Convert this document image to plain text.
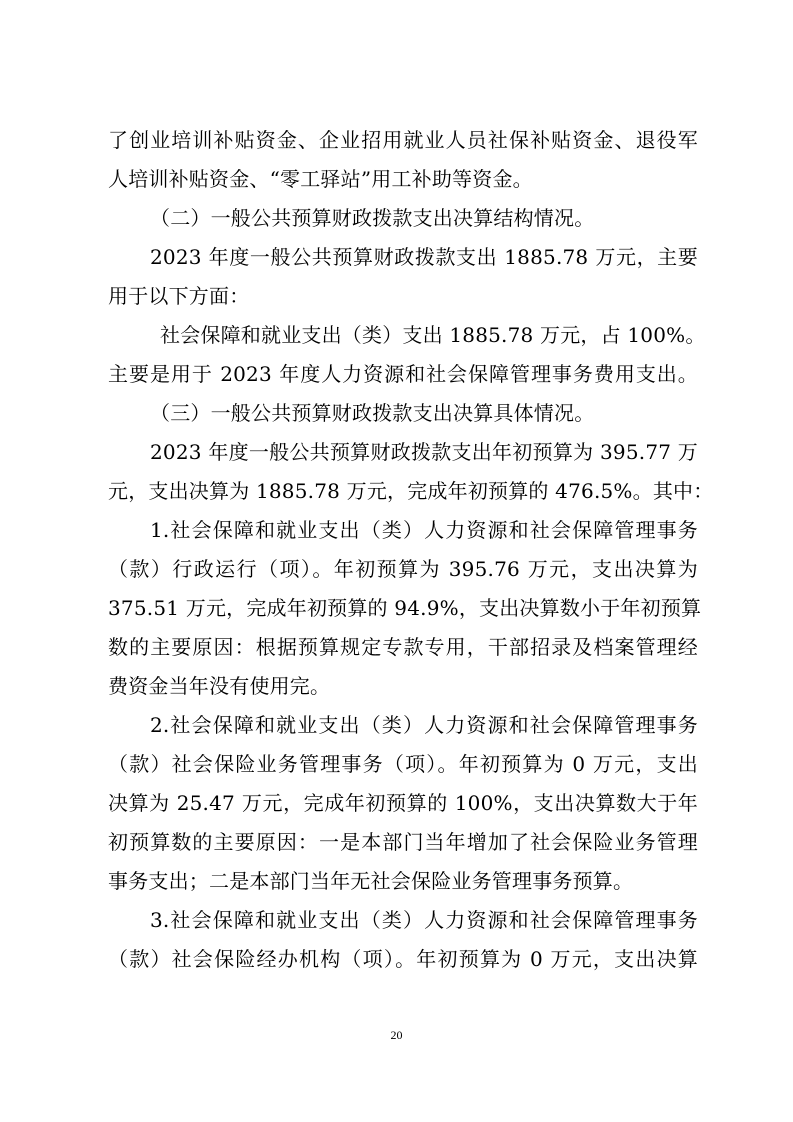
了创业培训补贴资金、企业招用就业人员社保补贴资金、退役军
人培训补贴资金、“零工驿站”用工补助等资金。
（二）一般公共预算财政拨款支出决算结构情况。
2023 年度一般公共预算财政拨款支出 1885.78 万元，主要
用于以下方面：
社会保障和就业支出（类）支出 1885.78 万元，占 100%。
主要是用于 2023 年度人力资源和社会保障管理事务费用支出。
（三）一般公共预算财政拨款支出决算具体情况。
2023 年度一般公共预算财政拨款支出年初预算为 395.77 万
元，支出决算为 1885.78 万元，完成年初预算的 476.5%。其中：
1.社会保障和就业支出（类）人力资源和社会保障管理事务
（款）行政运行（项）。年初预算为 395.76 万元，支出决算为
375.51 万元，完成年初预算的 94.9%，支出决算数小于年初预算
数的主要原因：根据预算规定专款专用，干部招录及档案管理经
费资金当年没有使用完。
2.社会保障和就业支出（类）人力资源和社会保障管理事务
（款）社会保险业务管理事务（项）。年初预算为 0 万元，支出
决算为 25.47 万元，完成年初预算的 100%，支出决算数大于年
初预算数的主要原因：一是本部门当年增加了社会保险业务管理
事务支出；二是本部门当年无社会保险业务管理事务预算。
3.社会保障和就业支出（类）人力资源和社会保障管理事务
（款）社会保险经办机构（项）。年初预算为 0 万元，支出决算
20
